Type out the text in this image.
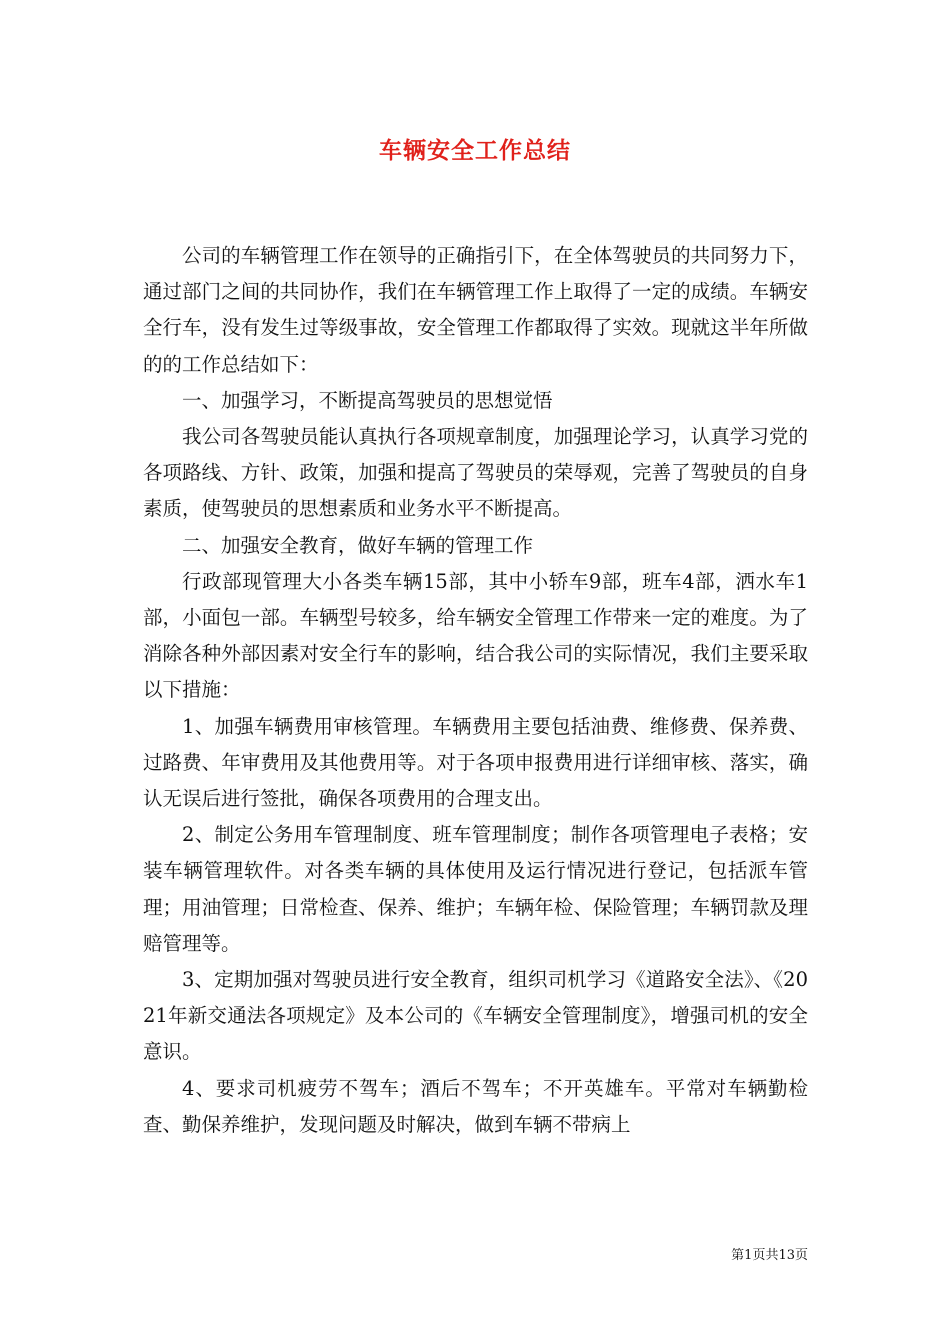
车辆安全工作总结

公司的车辆管理工作在领导的正确指引下，在全体驾驶员的共同努力下，通过部门之间的共同协作，我们在车辆管理工作上取得了一定的成绩。车辆安全行车，没有发生过等级事故，安全管理工作都取得了实效。现就这半年所做的的工作总结如下：

一、加强学习，不断提高驾驶员的思想觉悟

我公司各驾驶员能认真执行各项规章制度，加强理论学习，认真学习党的各项路线、方针、政策，加强和提高了驾驶员的荣辱观，完善了驾驶员的自身素质，使驾驶员的思想素质和业务水平不断提高。

二、加强安全教育，做好车辆的管理工作

行政部现管理大小各类车辆15部，其中小轿车9部，班车4部，洒水车1部，小面包一部。车辆型号较多，给车辆安全管理工作带来一定的难度。为了消除各种外部因素对安全行车的影响，结合我公司的实际情况，我们主要采取以下措施：

1、加强车辆费用审核管理。车辆费用主要包括油费、维修费、保养费、过路费、年审费用及其他费用等。对于各项申报费用进行详细审核、落实，确认无误后进行签批，确保各项费用的合理支出。

2、制定公务用车管理制度、班车管理制度；制作各项管理电子表格；安装车辆管理软件。对各类车辆的具体使用及运行情况进行登记，包括派车管理；用油管理；日常检查、保养、维护；车辆年检、保险管理；车辆罚款及理赔管理等。

3、定期加强对驾驶员进行安全教育，组织司机学习《道路安全法》、《2021年新交通法各项规定》及本公司的《车辆安全管理制度》，增强司机的安全意识。

4、要求司机疲劳不驾车；酒后不驾车；不开英雄车。平常对车辆勤检查、勤保养维护，发现问题及时解决，做到车辆不带病上

第1页共13页
